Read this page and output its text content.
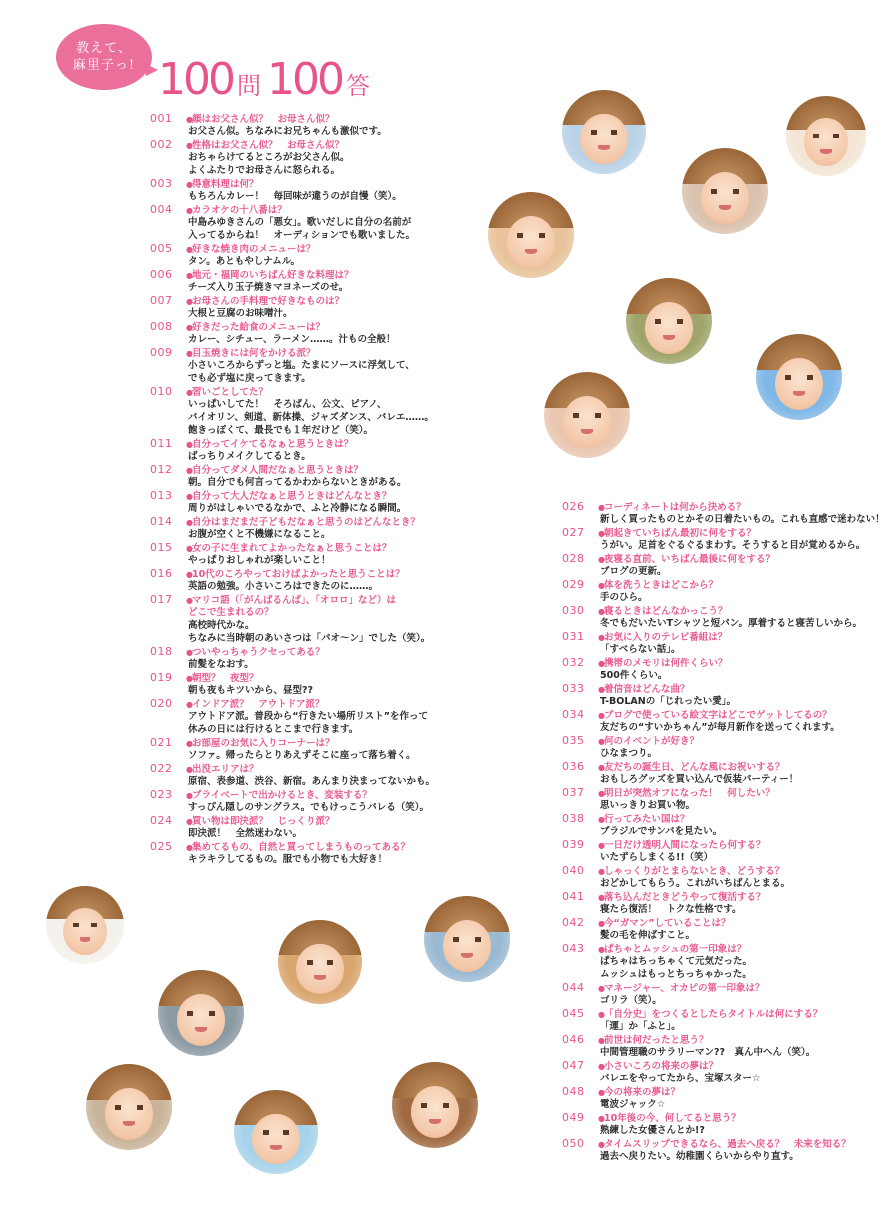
教えて、
麻里子っ! 100 問 100 答
001	● 顔はお父さん似？　お母さん似？
お父さん似。ちなみにお兄ちゃんも激似です。
002	● 性格はお父さん似？　お母さん似？
おちゃらけてるところがお父さん似。
よくふたりでお母さんに怒られる。
003	● 得意料理は何？
もちろんカレー！　毎回味が違うのが自慢（笑）。
004	● カラオケの十八番は？
中島みゆきさんの「悪女」。歌いだしに自分の名前が
入ってるからね！　オーディションでも歌いました。
005	● 好きな焼き肉のメニューは？
タン。あともやしナムル。
006	● 地元・福岡のいちばん好きな料理は？
チーズ入り玉子焼きマヨネーズのせ。
007	● お母さんの手料理で好きなものは？
大根と豆腐のお味噌汁。
008	● 好きだった給食のメニューは？
カレー、シチュー、ラーメン……。汁もの全般！
009	● 目玉焼きには何をかける派？
小さいころからずっと塩。たまにソースに浮気して、
でも必ず塩に戻ってきます。
010	● 習いごとしてた？
いっぱいしてた！　そろばん、公文、ピアノ、
バイオリン、剣道、新体操、ジャズダンス、バレエ……。
飽きっぽくて、最長でも１年だけど（笑）。
011	● 自分ってイケてるなぁと思うときは？
ばっちりメイクしてるとき。
012	● 自分ってダメ人間だなぁと思うときは？
朝。自分でも何言ってるかわからないときがある。
013	● 自分って大人だなぁと思うときはどんなとき？
周りがはしゃいでるなかで、ふと冷静になる瞬間。
014	● 自分はまだまだ子どもだなぁと思うのはどんなとき？
お腹が空くと不機嫌になること。
015	● 女の子に生まれてよかったなぁと思うことは？
やっぱりおしゃれが楽しいこと！
016	● 10代のころやっておけばよかったと思うことは？
英語の勉強。小さいころはできたのに……。
017	● マリコ語（「がんばるんば」、「オロロ」など）は
どこで生まれるの？
高校時代かな。
ちなみに当時朝のあいさつは「パオ～ン」でした（笑）。
018	● ついやっちゃうクセってある？
前髪をなおす。
019	● 朝型？　夜型？
朝も夜もキツいから、昼型??
020	● インドア派？　アウトドア派？
アウトドア派。普段から“行きたい場所リスト”を作って
休みの日には行けるとこまで行きます。
021	● お部屋のお気に入りコーナーは？
ソファ。帰ったらとりあえずそこに座って落ち着く。
022	● 出没エリアは？
原宿、表参道、渋谷、新宿。あんまり決まってないかも。
023	● プライベートで出かけるとき、変装する？
すっぴん隠しのサングラス。でもけっこうバレる（笑）。
024	● 買い物は即決派？　じっくり派？
即決派！　全然迷わない。
025	● 集めてるもの、自然と買ってしまうものってある？
キラキラしてるもの。服でも小物でも大好き！
026	● コーディネートは何から決める？
新しく買ったものとかその日着たいもの。これも直感で迷わない！
027	● 朝起きていちばん最初に何をする？
うがい。足首をぐるぐるまわす。そうすると目が覚めるから。
028	● 夜寝る直前、いちばん最後に何をする？
ブログの更新。
029	● 体を洗うときはどこから？
手のひら。
030	● 寝るときはどんなかっこう？
冬でもだいたいTシャツと短パン。厚着すると寝苦しいから。
031	● お気に入りのテレビ番組は？
「すべらない話」。
032	● 携帯のメモリは何件くらい？
500件くらい。
033	● 着信音はどんな曲？
T-BOLANの「じれったい愛」。
034	● ブログで使っている絵文字はどこでゲットしてるの？
友だちの“すいかちゃん”が毎月新作を送ってくれます。
035	● 何のイベントが好き？
ひなまつり。
036	● 友だちの誕生日、どんな風にお祝いする？
おもしろグッズを買い込んで仮装パーティー！
037	● 明日が突然オフになった！　何したい？
思いっきりお買い物。
038	● 行ってみたい国は？
ブラジルでサンバを見たい。
039	● 一日だけ透明人間になったら何する？
いたずらしまくる!!（笑）
040	● しゃっくりがとまらないとき、どうする？
おどかしてもらう。これがいちばんとまる。
041	● 落ち込んだときどうやって復活する？
寝たら復活！　トクな性格です。
042	● 今“ガマン”していることは？
髪の毛を伸ばすこと。
043	● ぱちゃとムッシュの第一印象は？
ぱちゃはちっちゃくて元気だった。
ムッシュはもっとちっちゃかった。
044	● マネージャー、オカピの第一印象は？
ゴリラ（笑）。
045	● 「自分史」をつくるとしたらタイトルは何にする？
「運」か「ふと」。
046	● 前世は何だったと思う？
中間管理職のサラリーマン??　真ん中へん（笑）。
047	● 小さいころの将来の夢は？
バレエをやってたから、宝塚スター☆
048	● 今の将来の夢は？
電波ジャック☆
049	● 10年後の今、何してると思う？
熟練した女優さんとか!?
050	● タイムスリップできるなら、過去へ戻る？　未来を知る？
過去へ戻りたい。幼稚園くらいからやり直す。
